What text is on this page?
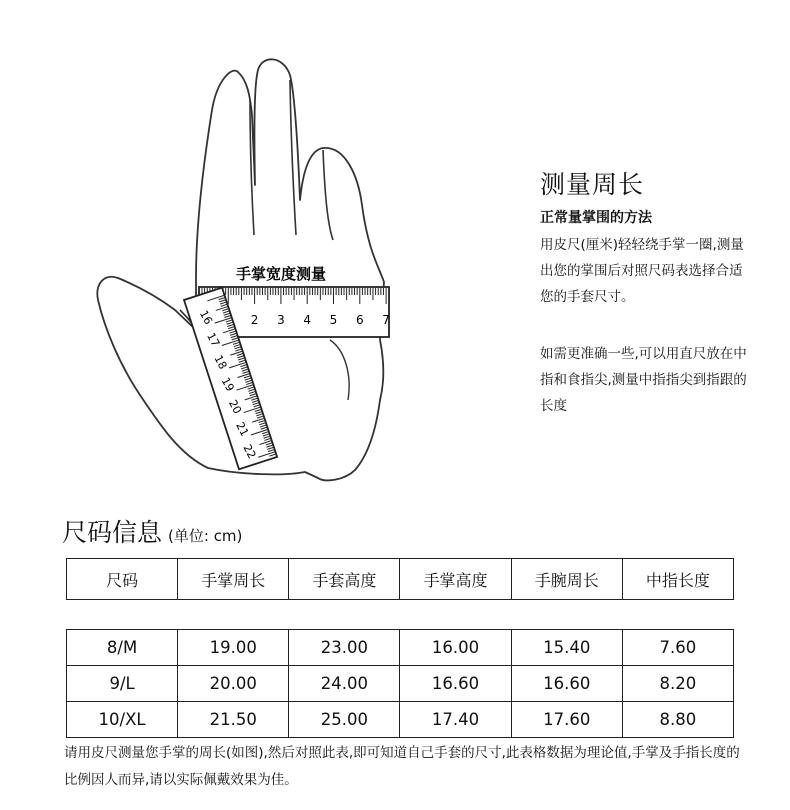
2 3 4 5 6 7
手掌宽度测量
16
17
18
19
20
21
22
测量周长
正常量掌围的方法

用皮尺(厘米)轻轻绕手掌一圈,测量出您的掌围后对照尺码表选择合适您的手套尺寸。

如需更准确一些,可以用直尺放在中指和食指尖,测量中指指尖到指跟的长度

尺码信息 (单位: cm)
尺码	手掌周长	手套高度	手掌高度	手腕周长	中指长度
8/M	19.00	23.00	16.00	15.40	7.60
9/L	20.00	24.00	16.60	16.60	8.20
10/XL	21.50	25.00	17.40	17.60	8.80

请用皮尺测量您手掌的周长(如图),然后对照此表,即可知道自己手套的尺寸,此表格数据为理论值,手掌及手指长度的比例因人而异,请以实际佩戴效果为佳。
